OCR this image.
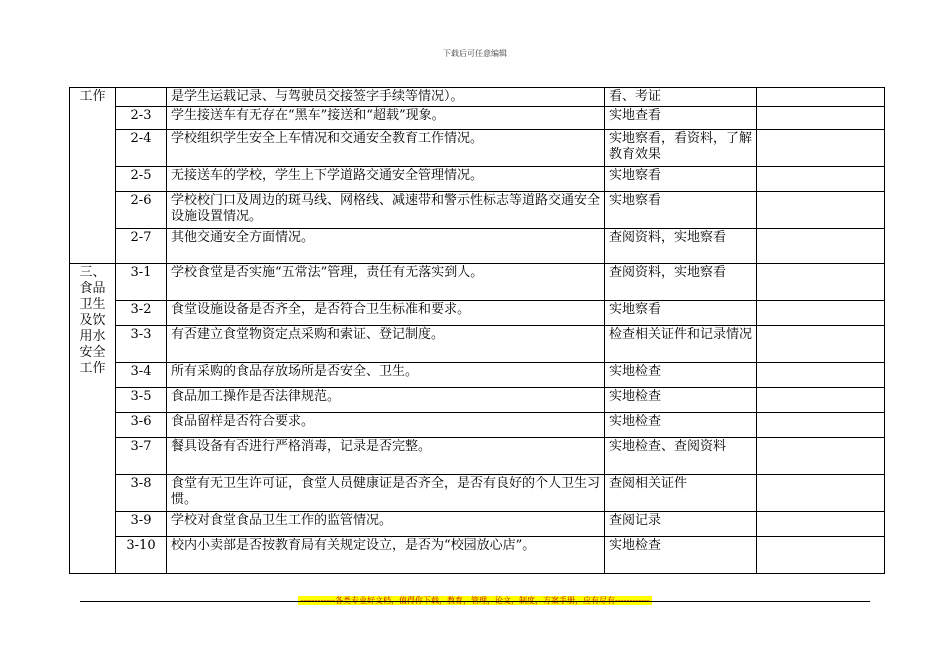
下载后可任意编辑
工作		是学生运载记录、与驾驶员交接签字手续等情况）。	看、考证	
	2-3	学生接送车有无存在“黑车”接送和“超载”现象。	实地查看	
	2-4	学校组织学生安全上车情况和交通安全教育工作情况。	实地察看，看资料，了解教育效果	
	2-5	无接送车的学校，学生上下学道路交通安全管理情况。	实地察看	
	2-6	学校校门口及周边的斑马线、网格线、减速带和警示性标志等道路交通安全设施设置情况。	实地察看	
	2-7	其他交通安全方面情况。	查阅资料，实地察看	
三、食品卫生及饮用水安全工作	3-1	学校食堂是否实施“五常法”管理，责任有无落实到人。	查阅资料，实地察看	
	3-2	食堂设施设备是否齐全，是否符合卫生标准和要求。	实地察看	
	3-3	有否建立食堂物资定点采购和索证、登记制度。	检查相关证件和记录情况	
	3-4	所有采购的食品存放场所是否安全、卫生。	实地检查	
	3-5	食品加工操作是否法律规范。	实地检查	
	3-6	食品留样是否符合要求。	实地检查	
	3-7	餐具设备有否进行严格消毒，记录是否完整。	实地检查、查阅资料	
	3-8	食堂有无卫生许可证，食堂人员健康证是否齐全，是否有良好的个人卫生习惯。	查阅相关证件	
	3-9	学校对食堂食品卫生工作的监管情况。	查阅记录	
	3-10	校内小卖部是否按教育局有关规定设立，是否为“校园放心店”。	实地检查	
------------各类专业好文档，值得你下载，教育，管理，论文，制度，方案手册，应有尽有------------
